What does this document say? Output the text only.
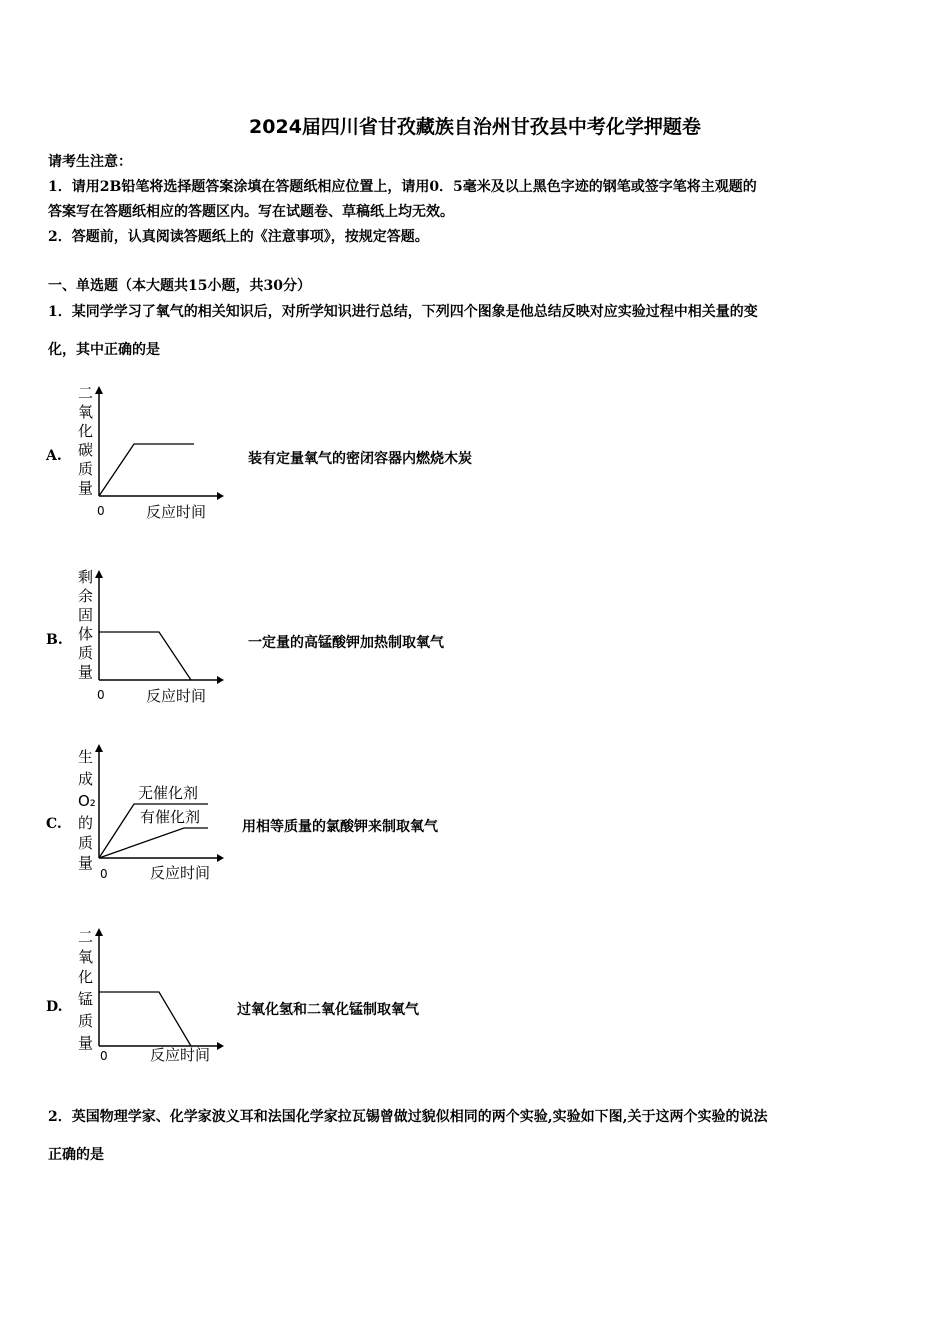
2024届四川省甘孜藏族自治州甘孜县中考化学押题卷
请考生注意：
1．请用2B铅笔将选择题答案涂填在答题纸相应位置上，请用0．5毫米及以上黑色字迹的钢笔或签字笔将主观题的
答案写在答题纸相应的答题区内。写在试题卷、草稿纸上均无效。
2．答题前，认真阅读答题纸上的《注意事项》，按规定答题。
一、单选题（本大题共15小题，共30分）
1．某同学学习了氧气的相关知识后，对所学知识进行总结，下列四个图象是他总结反映对应实验过程中相关量的变
化，其中正确的是
A.
二
氧
化
碳
质
量
0	反应时间
装有定量氧气的密闭容器内燃烧木炭
B.
剩
余
固
体
质
量
0	反应时间
一定量的高锰酸钾加热制取氧气
C.
无催化剂
有催化剂
生
成
O₂
的
质
量
0	反应时间
用相等质量的氯酸钾来制取氧气
D.
二
氧
化
锰
质
量
0	反应时间
过氧化氢和二氧化锰制取氧气
2．英国物理学家、化学家波义耳和法国化学家拉瓦锡曾做过貌似相同的两个实验,实验如下图,关于这两个实验的说法
正确的是
